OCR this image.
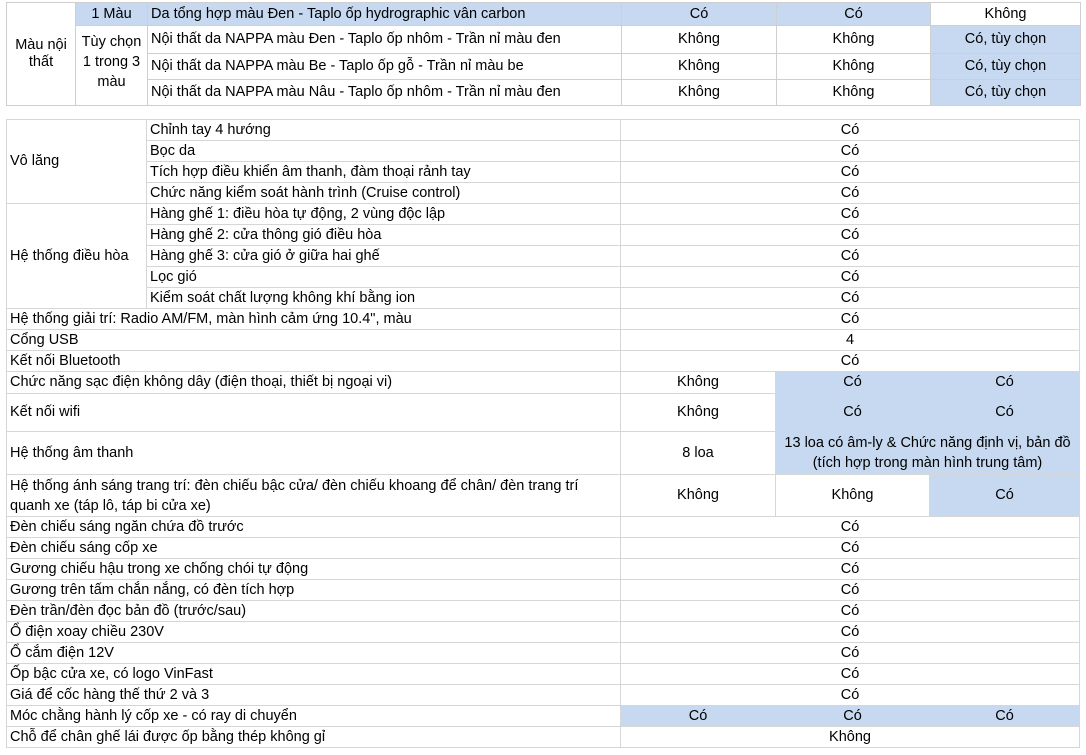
Màu nội thất	1 Màu	Da tổng hợp màu Đen - Taplo ốp hydrographic vân carbon	Có	Có	Không
	Tùy chọn 1 trong 3 màu	Nội thất da NAPPA màu Đen - Taplo ốp nhôm - Trần nỉ màu đen	Không	Không	Có, tùy chọn
		Nội thất da NAPPA màu Be - Taplo ốp gỗ - Trần nỉ màu be	Không	Không	Có, tùy chọn
		Nội thất da NAPPA màu Nâu - Taplo ốp nhôm - Trần nỉ màu đen	Không	Không	Có, tùy chọn
Vô lăng	Chỉnh tay 4 hướng	Có		
	Bọc da	Có		
	Tích hợp điều khiển âm thanh, đàm thoại rảnh tay	Có		
	Chức năng kiểm soát hành trình (Cruise control)	Có		
Hệ thống điều hòa	Hàng ghế 1: điều hòa tự động, 2 vùng độc lập	Có		
	Hàng ghế 2: cửa thông gió điều hòa	Có		
	Hàng ghế 3: cửa gió ở giữa hai ghế	Có		
	Lọc gió	Có		
	Kiểm soát chất lượng không khí bằng ion	Có		
Hệ thống giải trí: Radio AM/FM, màn hình cảm ứng 10.4", màu		Có		
Cổng USB		4		
Kết nối Bluetooth		Có		
Chức năng sạc điện không dây (điện thoại, thiết bị ngoại vi)		Không	Có	Có
Kết nối wifi		Không	Có	Có
Hệ thống âm thanh		8 loa	13 loa có âm-ly & Chức năng định vị, bản đồ (tích hợp trong màn hình trung tâm)	
Hệ thống ánh sáng trang trí: đèn chiếu bậc cửa/ đèn chiếu khoang để chân/ đèn trang trí quanh xe (táp lô, táp bi cửa xe)		Không	Không	Có
Đèn chiếu sáng ngăn chứa đồ trước		Có		
Đèn chiếu sáng cốp xe		Có		
Gương chiếu hậu trong xe chống chói tự động		Có		
Gương trên tấm chắn nắng, có đèn tích hợp		Có		
Đèn trần/đèn đọc bản đồ (trước/sau)		Có		
Ổ điện xoay chiều 230V		Có		
Ổ cắm điện 12V		Có		
Ốp bậc cửa xe, có logo VinFast		Có		
Giá để cốc hàng thế thứ 2 và 3		Có		
Móc chằng hành lý cốp xe - có ray di chuyển		Có	Có	Có
Chỗ để chân ghế lái được ốp bằng thép không gỉ		Không		
